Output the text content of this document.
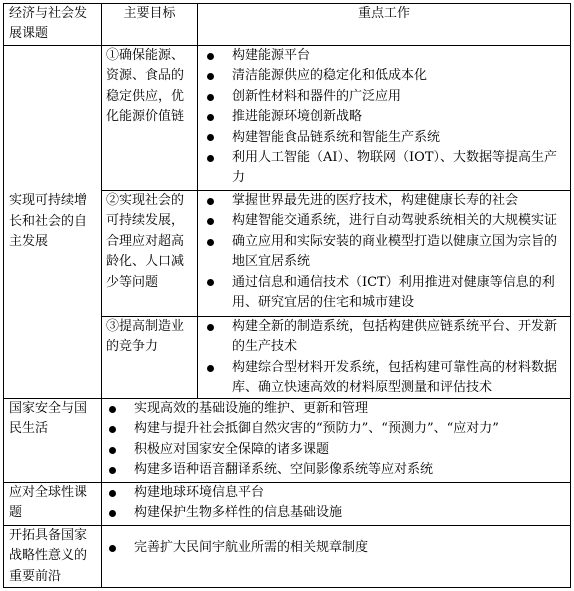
经济与社会发展课题
主要目标	重点工作
实现可持续增长和社会的自主发展
①确保能源、资源、食品的稳定供应，优化能源价值链
构建能源平台
清洁能源供应的稳定化和低成本化
创新性材料和器件的广泛应用
推进能源环境创新战略
构建智能食品链系统和智能生产系统
利用人工智能（AI）、物联网（IOT）、大数据等提高生产力
②实现社会的可持续发展，合理应对超高龄化、人口减少等问题
掌握世界最先进的医疗技术，构建健康长寿的社会
构建智能交通系统，进行自动驾驶系统相关的大规模实证
确立应用和实际安装的商业模型打造以健康立国为宗旨的地区宜居系统
通过信息和通信技术（ICT）利用推进对健康等信息的利用、研究宜居的住宅和城市建设
③提高制造业的竞争力
构建全新的制造系统，包括构建供应链系统平台、开发新的生产技术
构建综合型材料开发系统，包括构建可靠性高的材料数据库、确立快速高效的材料原型测量和评估技术
国家安全与国民生活
实现高效的基础设施的维护、更新和管理
构建与提升社会抵御自然灾害的“预防力”、“预测力”、“应对力”
积极应对国家安全保障的诸多课题
构建多语种语音翻译系统、空间影像系统等应对系统
应对全球性课题
构建地球环境信息平台
构建保护生物多样性的信息基础设施
开拓具备国家战略性意义的重要前沿
完善扩大民间宇航业所需的相关规章制度
